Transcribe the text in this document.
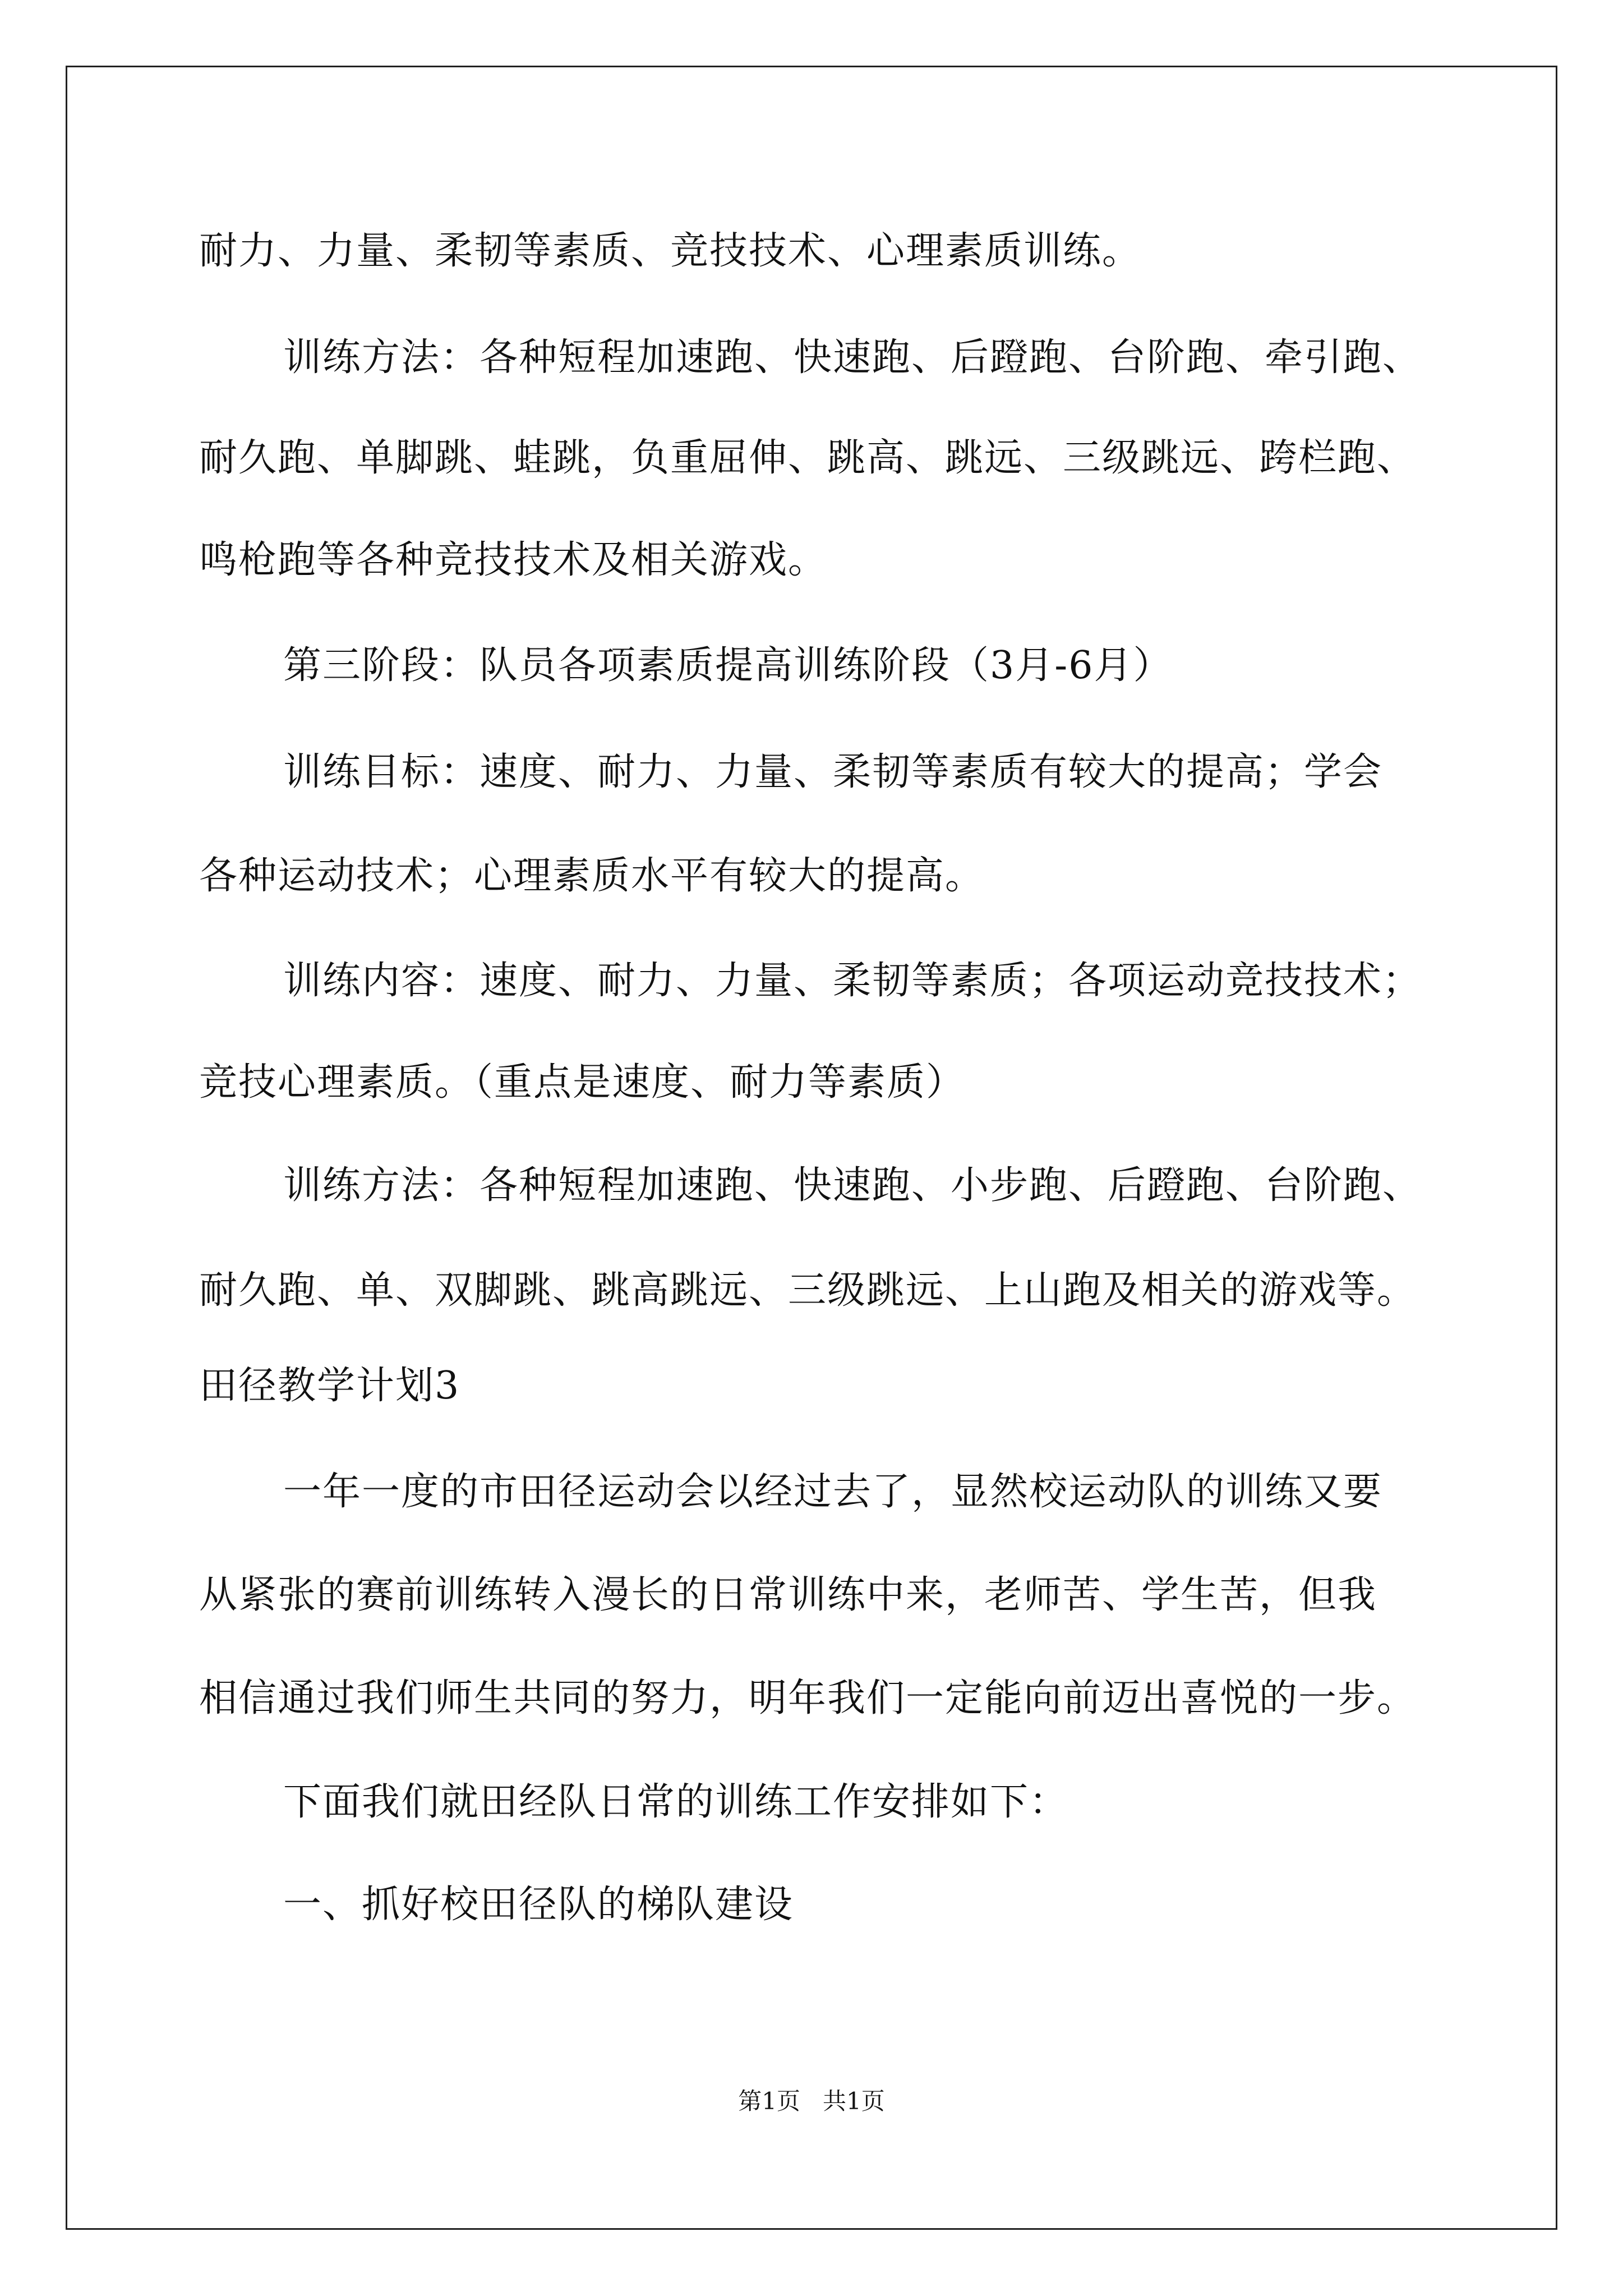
耐力、力量、柔韧等素质、竞技技术、心理素质训练。
训练方法：各种短程加速跑、快速跑、后蹬跑、台阶跑、牵引跑、
耐久跑、单脚跳、蛙跳，负重屈伸、跳高、跳远、三级跳远、跨栏跑、
鸣枪跑等各种竞技技术及相关游戏。
第三阶段：队员各项素质提高训练阶段（3月-6月）
训练目标：速度、耐力、力量、柔韧等素质有较大的提高；学会
各种运动技术；心理素质水平有较大的提高。
训练内容：速度、耐力、力量、柔韧等素质；各项运动竞技技术；
竞技心理素质。（重点是速度、耐力等素质）
训练方法：各种短程加速跑、快速跑、小步跑、后蹬跑、台阶跑、
耐久跑、单、双脚跳、跳高跳远、三级跳远、上山跑及相关的游戏等。
田径教学计划3
一年一度的市田径运动会以经过去了，显然校运动队的训练又要
从紧张的赛前训练转入漫长的日常训练中来，老师苦、学生苦，但我
相信通过我们师生共同的努力，明年我们一定能向前迈出喜悦的一步。
下面我们就田经队日常的训练工作安排如下：
一、抓好校田径队的梯队建设
第1页   共1页
